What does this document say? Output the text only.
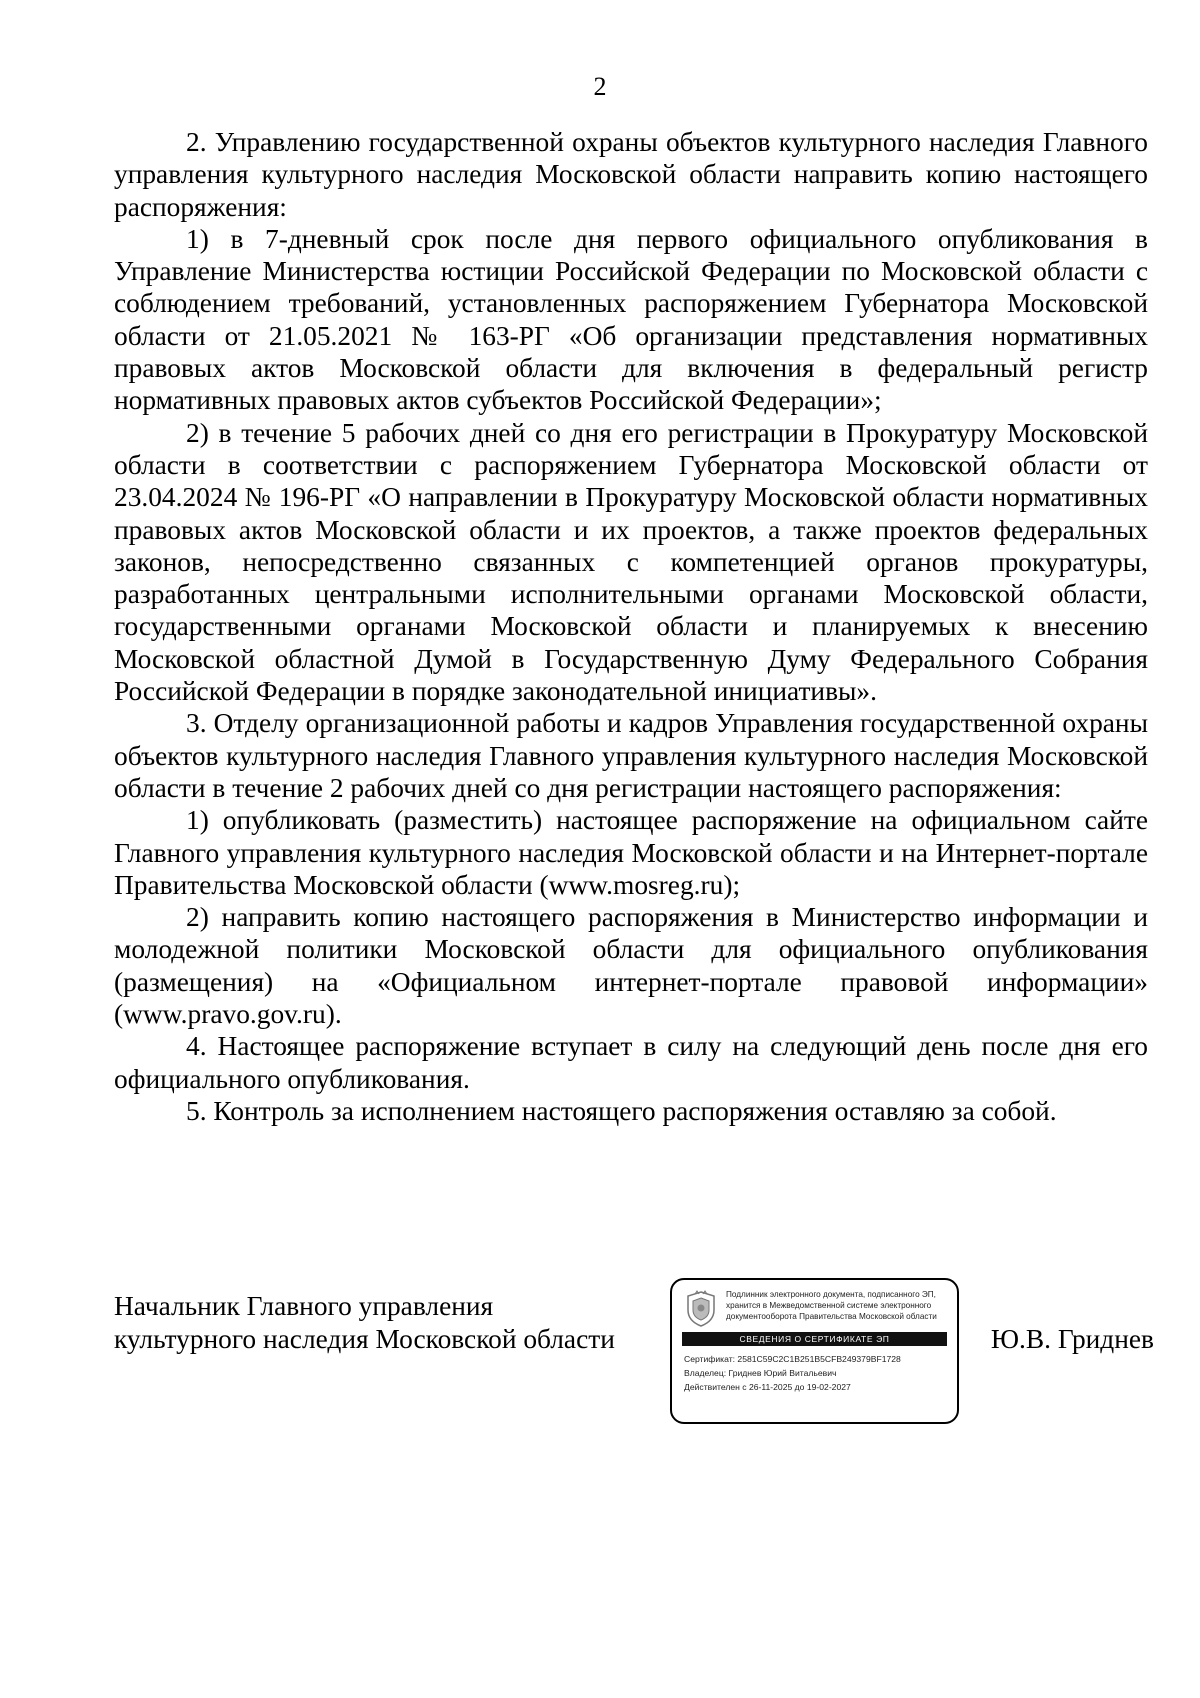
2

2. Управлению государственной охраны объектов культурного наследия Главного управления культурного наследия Московской области направить копию настоящего распоряжения:

1) в 7-дневный срок после дня первого официального опубликования в Управление Министерства юстиции Российской Федерации по Московской области с соблюдением требований, установленных распоряжением Губернатора Московской области от 21.05.2021 № 163-РГ «Об организации представления нормативных правовых актов Московской области для включения в федеральный регистр нормативных правовых актов субъектов Российской Федерации»;

2) в течение 5 рабочих дней со дня его регистрации в Прокуратуру Московской области в соответствии с распоряжением Губернатора Московской области от 23.04.2024 № 196-РГ «О направлении в Прокуратуру Московской области нормативных правовых актов Московской области и их проектов, а также проектов федеральных законов, непосредственно связанных с компетенцией органов прокуратуры, разработанных центральными исполнительными органами Московской области, государственными органами Московской области и планируемых к внесению Московской областной Думой в Государственную Думу Федерального Собрания Российской Федерации в порядке законодательной инициативы».

3. Отделу организационной работы и кадров Управления государственной охраны объектов культурного наследия Главного управления культурного наследия Московской области в течение 2 рабочих дней со дня регистрации настоящего распоряжения:

1) опубликовать (разместить) настоящее распоряжение на официальном сайте Главного управления культурного наследия Московской области и на Интернет-портале Правительства Московской области (www.mosreg.ru);

2) направить копию настоящего распоряжения в Министерство информации и молодежной политики Московской области для официального опубликования (размещения) на «Официальном интернет-портале правовой информации» (www.pravo.gov.ru).

4. Настоящее распоряжение вступает в силу на следующий день после дня его официального опубликования.

5. Контроль за исполнением настоящего распоряжения оставляю за собой.

Начальник Главного управления
культурного наследия Московской области
Подлинник электронного документа, подписанного ЭП,
хранится в Межведомственной системе электронного
документооборота Правительства Московской области
СВЕДЕНИЯ О СЕРТИФИКАТЕ ЭП
Сертификат: 2581C59C2C1B251B5CFB249379BF1728
Владелец: Гриднев Юрий Витальевич
Действителен с 26-11-2025 до 19-02-2027
Ю.В. Гриднев
